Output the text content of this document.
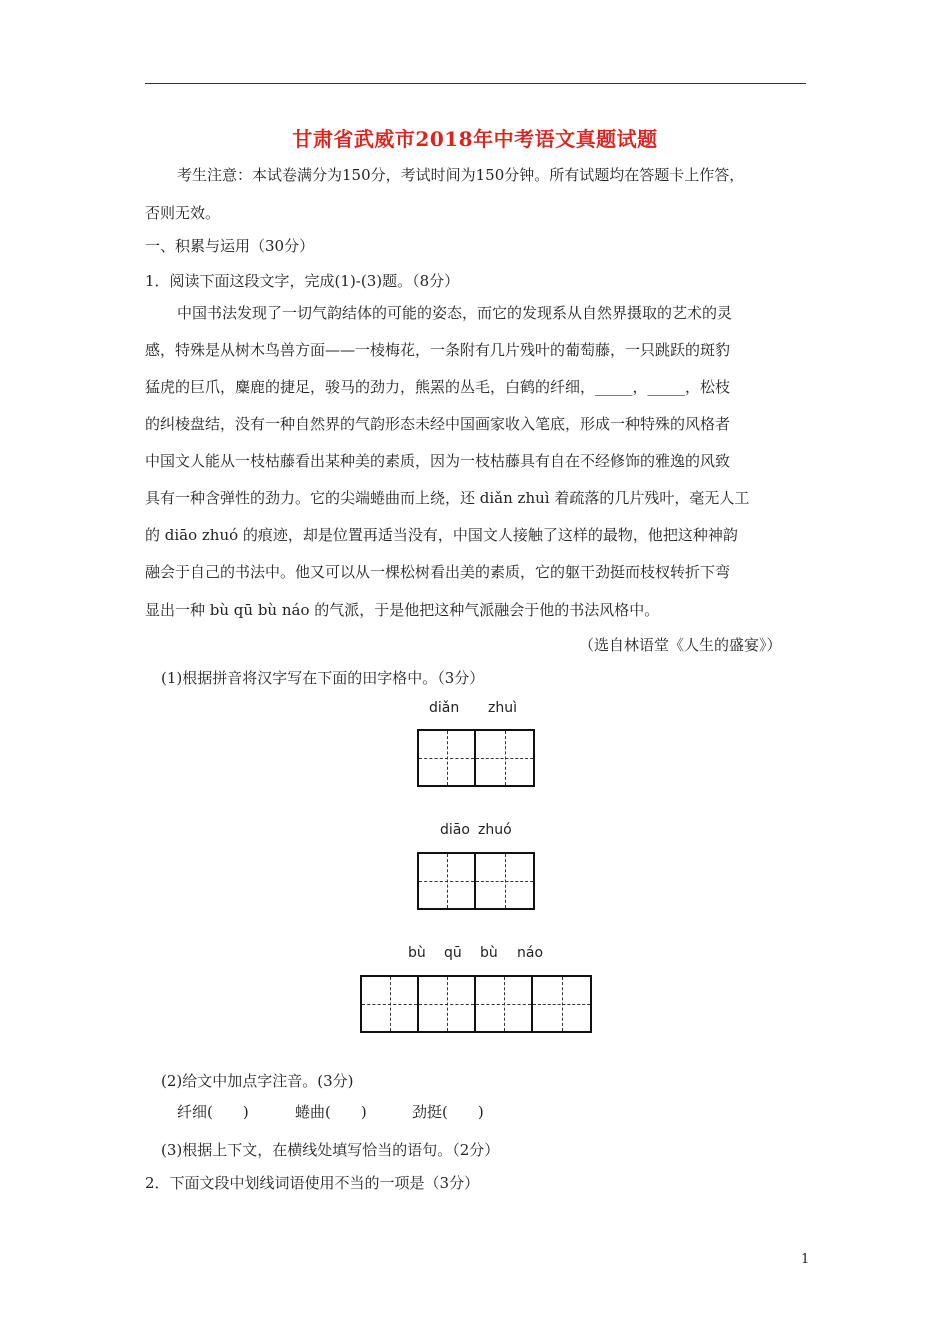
甘肃省武威市2018年中考语文真题试题
考生注意：本试卷满分为150分，考试时间为150分钟。所有试题均在答题卡上作答，
否则无效。
一、积累与运用（30分）
1．阅读下面这段文字，完成(1)-(3)题。（8分）
中国书法发现了一切气韵结体的可能的姿态，而它的发现系从自然界摄取的艺术的灵
感，特殊是从树木鸟兽方面——一棱梅花，一条附有几片残叶的葡萄藤，一只跳跃的斑豹
猛虎的巨爪，麋鹿的捷足，骏马的劲力，熊罴的丛毛，白鹤的纤细，_____，_____，松枝
的纠棱盘结，没有一种自然界的气韵形态未经中国画家收入笔底，形成一种特殊的风格者
中国文人能从一枝枯藤看出某种美的素质，因为一枝枯藤具有自在不经修饰的雅逸的风致
具有一种含弹性的劲力。它的尖端蜷曲而上绕，还 diǎn zhuì 着疏落的几片残叶，毫无人工
的 diāo zhuó 的痕迹，却是位置再适当没有，中国文人接触了这样的最物，他把这种神韵
融会于自己的书法中。他又可以从一棵松树看出美的素质，它的躯干劲挺而枝杈转折下弯
显出一种 bù qū bù náo 的气派，于是他把这种气派融会于他的书法风格中。
（选自林语堂《人生的盛宴》）
(1)根据拼音将汉字写在下面的田字格中。（3分）
diǎn zhuì
diāo zhuó
bù qū bù náo
(2)给文中加点字注音。(3分)
纤细(　　)	蜷曲(　　)	劲挺(　　)
(3)根据上下文，在横线处填写恰当的语句。（2分）
2．下面文段中划线词语使用不当的一项是（3分）
1
